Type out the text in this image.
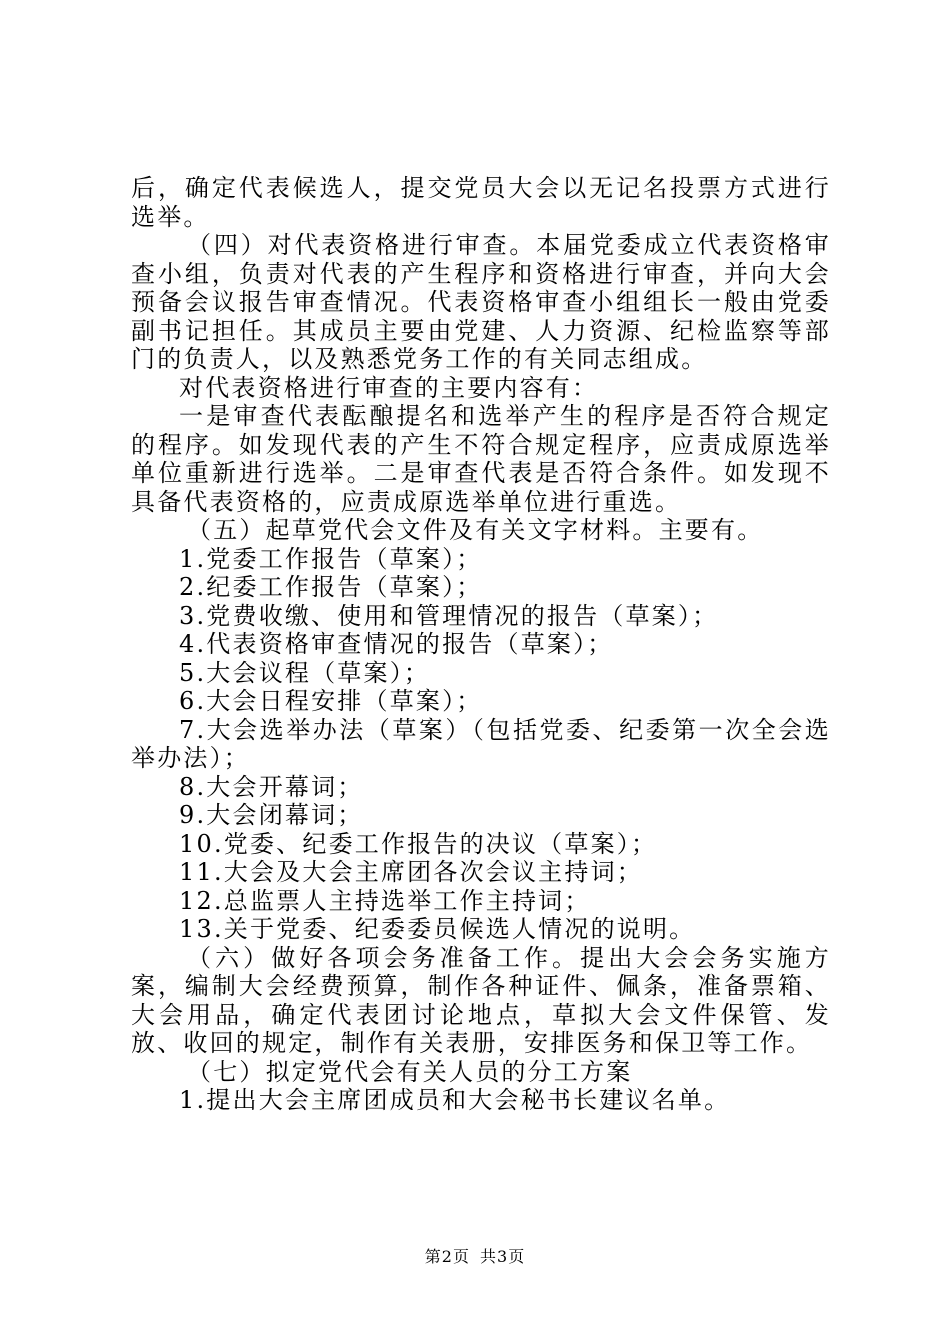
后，确定代表候选人，提交党员大会以无记名投票方式进行选举。

（四）对代表资格进行审查。本届党委成立代表资格审查小组，负责对代表的产生程序和资格进行审查，并向大会预备会议报告审查情况。代表资格审查小组组长一般由党委副书记担任。其成员主要由党建、人力资源、纪检监察等部门的负责人，以及熟悉党务工作的有关同志组成。

对代表资格进行审查的主要内容有：

一是审查代表酝酿提名和选举产生的程序是否符合规定的程序。如发现代表的产生不符合规定程序，应责成原选举单位重新进行选举。二是审查代表是否符合条件。如发现不具备代表资格的，应责成原选举单位进行重选。

（五）起草党代会文件及有关文字材料。主要有。

1.党委工作报告（草案）；

2.纪委工作报告（草案）；

3.党费收缴、使用和管理情况的报告（草案）；

4.代表资格审查情况的报告（草案）；

5.大会议程（草案）；

6.大会日程安排（草案）；

7.大会选举办法（草案）（包括党委、纪委第一次全会选举办法）；

8.大会开幕词；

9.大会闭幕词；

10.党委、纪委工作报告的决议（草案）；

11.大会及大会主席团各次会议主持词；

12.总监票人主持选举工作主持词；

13.关于党委、纪委委员候选人情况的说明。

（六）做好各项会务准备工作。提出大会会务实施方案，编制大会经费预算，制作各种证件、佩条，准备票箱、大会用品，确定代表团讨论地点，草拟大会文件保管、发放、收回的规定，制作有关表册，安排医务和保卫等工作。

（七）拟定党代会有关人员的分工方案

1.提出大会主席团成员和大会秘书长建议名单。

第2页 共3页
